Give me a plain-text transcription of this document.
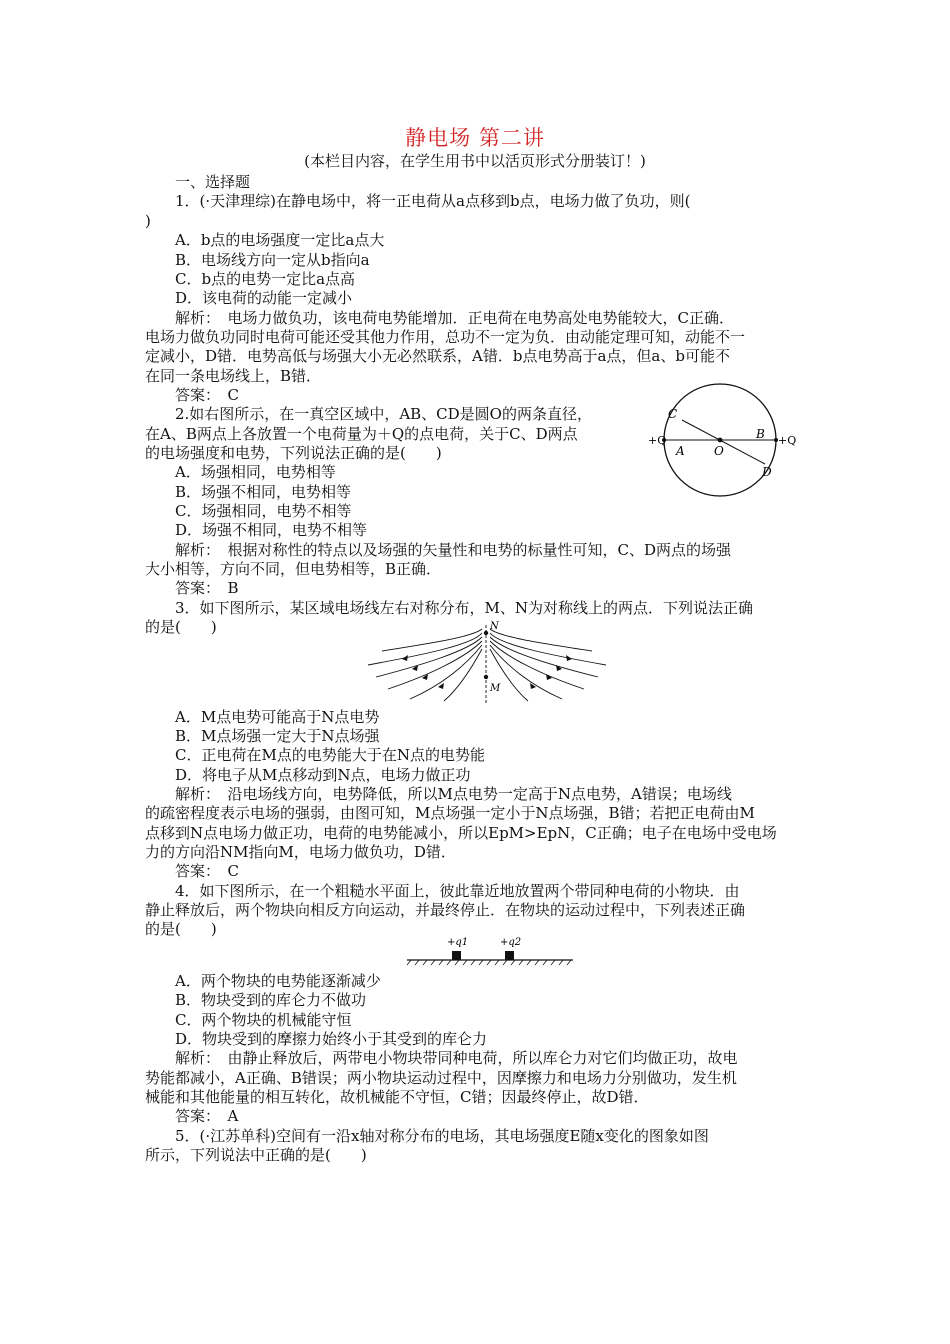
静电场 第二讲
(本栏目内容，在学生用书中以活页形式分册装订！)
一、选择题
1．(·天津理综)在静电场中，将一正电荷从a点移到b点，电场力做了负功，则(
)
A．b点的电场强度一定比a点大
B．电场线方向一定从b指向a
C．b点的电势一定比a点高
D．该电荷的动能一定减小
解析：　电场力做负功，该电荷电势能增加．正电荷在电势高处电势能较大，C正确．
电场力做负功同时电荷可能还受其他力作用，总功不一定为负．由动能定理可知，动能不一
定减小，D错．电势高低与场强大小无必然联系，A错．b点电势高于a点，但a、b可能不
在同一条电场线上，B错．
答案：　C
2.如右图所示，在一真空区域中，AB、CD是圆O的两条直径，
在A、B两点上各放置一个电荷量为＋Q的点电荷，关于C、D两点
的电场强度和电势，下列说法正确的是(　　)
A．场强相同，电势相等
B．场强不相同，电势相等
C．场强相同，电势不相等
D．场强不相同，电势不相等
解析：　根据对称性的特点以及场强的矢量性和电势的标量性可知，C、D两点的场强
大小相等，方向不同，但电势相等，B正确．
答案：　B
C
D
A
B
O
+Q	+Q
3．如下图所示，某区域电场线左右对称分布，M、N为对称线上的两点．下列说法正确
的是(　　)	N
M
A．M点电势可能高于N点电势
B．M点场强一定大于N点场强
C．正电荷在M点的电势能大于在N点的电势能
D．将电子从M点移动到N点，电场力做正功
解析：　沿电场线方向，电势降低，所以M点电势一定高于N点电势，A错误；电场线
的疏密程度表示电场的强弱，由图可知，M点场强一定小于N点场强，B错；若把正电荷由M
点移到N点电场力做正功，电荷的电势能减小，所以EpM>EpN，C正确；电子在电场中受电场
力的方向沿NM指向M，电场力做负功，D错．
答案：　C
4．如下图所示，在一个粗糙水平面上，彼此靠近地放置两个带同种电荷的小物块．由
静止释放后，两个物块向相反方向运动，并最终停止．在物块的运动过程中，下列表述正确
的是(　　)
+q1	+q2
A．两个物块的电势能逐渐减少
B．物块受到的库仑力不做功
C．两个物块的机械能守恒
D．物块受到的摩擦力始终小于其受到的库仑力
解析：　由静止释放后，两带电小物块带同种电荷，所以库仑力对它们均做正功，故电
势能都减小，A正确、B错误；两小物块运动过程中，因摩擦力和电场力分别做功，发生机
械能和其他能量的相互转化，故机械能不守恒，C错；因最终停止，故D错．
答案：　A
5．(·江苏单科)空间有一沿x轴对称分布的电场，其电场强度E随x变化的图象如图
所示，下列说法中正确的是(　　)
